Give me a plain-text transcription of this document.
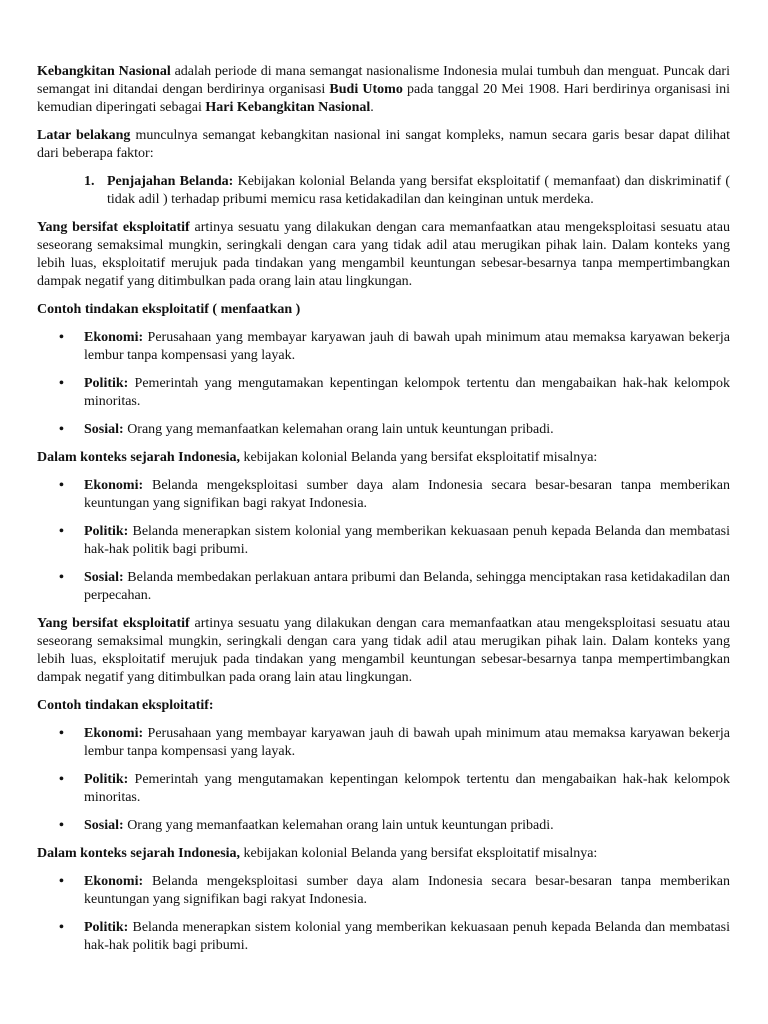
Kebangkitan Nasional adalah periode di mana semangat nasionalisme Indonesia mulai tumbuh dan menguat. Puncak dari semangat ini ditandai dengan berdirinya organisasi Budi Utomo pada tanggal 20 Mei 1908. Hari berdirinya organisasi ini kemudian diperingati sebagai Hari Kebangkitan Nasional.

Latar belakang munculnya semangat kebangkitan nasional ini sangat kompleks, namun secara garis besar dapat dilihat dari beberapa faktor:

1. Penjajahan Belanda: Kebijakan kolonial Belanda yang bersifat eksploitatif ( memanfaat) dan diskriminatif ( tidak adil ) terhadap pribumi memicu rasa ketidakadilan dan keinginan untuk merdeka.

Yang bersifat eksploitatif artinya sesuatu yang dilakukan dengan cara memanfaatkan atau mengeksploitasi sesuatu atau seseorang semaksimal mungkin, seringkali dengan cara yang tidak adil atau merugikan pihak lain. Dalam konteks yang lebih luas, eksploitatif merujuk pada tindakan yang mengambil keuntungan sebesar-besarnya tanpa mempertimbangkan dampak negatif yang ditimbulkan pada orang lain atau lingkungan.

Contoh tindakan eksploitatif ( menfaatkan )

• Ekonomi: Perusahaan yang membayar karyawan jauh di bawah upah minimum atau memaksa karyawan bekerja lembur tanpa kompensasi yang layak.
• Politik: Pemerintah yang mengutamakan kepentingan kelompok tertentu dan mengabaikan hak-hak kelompok minoritas.
• Sosial: Orang yang memanfaatkan kelemahan orang lain untuk keuntungan pribadi.

Dalam konteks sejarah Indonesia, kebijakan kolonial Belanda yang bersifat eksploitatif misalnya:

• Ekonomi: Belanda mengeksploitasi sumber daya alam Indonesia secara besar-besaran tanpa memberikan keuntungan yang signifikan bagi rakyat Indonesia.
• Politik: Belanda menerapkan sistem kolonial yang memberikan kekuasaan penuh kepada Belanda dan membatasi hak-hak politik bagi pribumi.
• Sosial: Belanda membedakan perlakuan antara pribumi dan Belanda, sehingga menciptakan rasa ketidakadilan dan perpecahan.

Yang bersifat eksploitatif artinya sesuatu yang dilakukan dengan cara memanfaatkan atau mengeksploitasi sesuatu atau seseorang semaksimal mungkin, seringkali dengan cara yang tidak adil atau merugikan pihak lain. Dalam konteks yang lebih luas, eksploitatif merujuk pada tindakan yang mengambil keuntungan sebesar-besarnya tanpa mempertimbangkan dampak negatif yang ditimbulkan pada orang lain atau lingkungan.

Contoh tindakan eksploitatif:

• Ekonomi: Perusahaan yang membayar karyawan jauh di bawah upah minimum atau memaksa karyawan bekerja lembur tanpa kompensasi yang layak.
• Politik: Pemerintah yang mengutamakan kepentingan kelompok tertentu dan mengabaikan hak-hak kelompok minoritas.
• Sosial: Orang yang memanfaatkan kelemahan orang lain untuk keuntungan pribadi.

Dalam konteks sejarah Indonesia, kebijakan kolonial Belanda yang bersifat eksploitatif misalnya:

• Ekonomi: Belanda mengeksploitasi sumber daya alam Indonesia secara besar-besaran tanpa memberikan keuntungan yang signifikan bagi rakyat Indonesia.
• Politik: Belanda menerapkan sistem kolonial yang memberikan kekuasaan penuh kepada Belanda dan membatasi hak-hak politik bagi pribumi.
